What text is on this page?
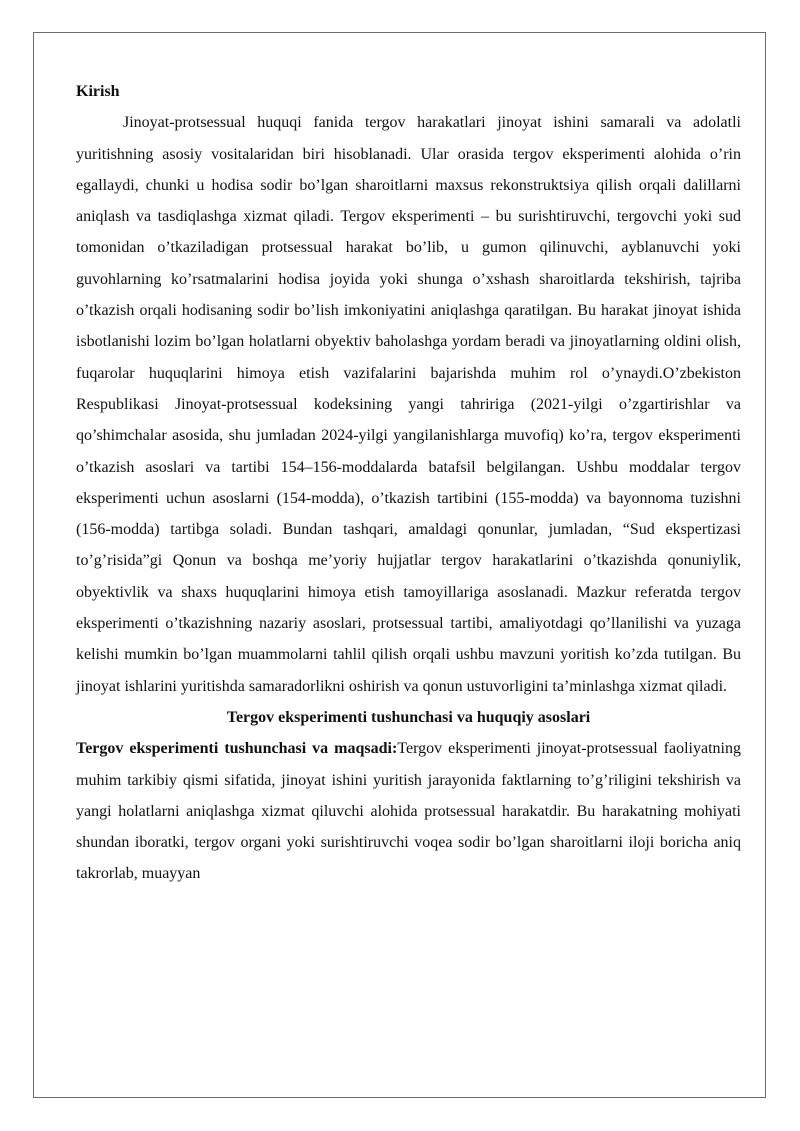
Kirish

Jinoyat-protsessual huquqi fanida tergov harakatlari jinoyat ishini samarali va adolatli yuritishning asosiy vositalaridan biri hisoblanadi. Ular orasida tergov eksperimenti alohida o’rin egallaydi, chunki u hodisa sodir bo’lgan sharoitlarni maxsus rekonstruktsiya qilish orqali dalillarni aniqlash va tasdiqlashga xizmat qiladi. Tergov eksperimenti – bu surishtiruvchi, tergovchi yoki sud tomonidan o’tkaziladigan protsessual harakat bo’lib, u gumon qilinuvchi, ayblanuvchi yoki guvohlarning ko’rsatmalarini hodisa joyida yoki shunga o’xshash sharoitlarda tekshirish, tajriba o’tkazish orqali hodisaning sodir bo’lish imkoniyatini aniqlashga qaratilgan. Bu harakat jinoyat ishida isbotlanishi lozim bo’lgan holatlarni obyektiv baholashga yordam beradi va jinoyatlarning oldini olish, fuqarolar huquqlarini himoya etish vazifalarini bajarishda muhim rol o’ynaydi.O’zbekiston Respublikasi Jinoyat-protsessual kodeksining yangi tahririga (2021-yilgi o’zgartirishlar va qo’shimchalar asosida, shu jumladan 2024-yilgi yangilanishlarga muvofiq) ko’ra, tergov eksperimenti o’tkazish asoslari va tartibi 154–156-moddalarda batafsil belgilangan. Ushbu moddalar tergov eksperimenti uchun asoslarni (154-modda), o’tkazish tartibini (155-modda) va bayonnoma tuzishni (156-modda) tartibga soladi. Bundan tashqari, amaldagi qonunlar, jumladan, “Sud ekspertizasi to’g’risida”gi Qonun va boshqa me’yoriy hujjatlar tergov harakatlarini o’tkazishda qonuniylik, obyektivlik va shaxs huquqlarini himoya etish tamoyillariga asoslanadi. Mazkur referatda tergov eksperimenti o’tkazishning nazariy asoslari, protsessual tartibi, amaliyotdagi qo’llanilishi va yuzaga kelishi mumkin bo’lgan muammolarni tahlil qilish orqali ushbu mavzuni yoritish ko’zda tutilgan. Bu jinoyat ishlarini yuritishda samaradorlikni oshirish va qonun ustuvorligini ta’minlashga xizmat qiladi.

Tergov eksperimenti tushunchasi va huquqiy asoslari

Tergov eksperimenti tushunchasi va maqsadi:Tergov eksperimenti jinoyat-protsessual faoliyatning muhim tarkibiy qismi sifatida, jinoyat ishini yuritish jarayonida faktlarning to’g’riligini tekshirish va yangi holatlarni aniqlashga xizmat qiluvchi alohida protsessual harakatdir. Bu harakatning mohiyati shundan iboratki, tergov organi yoki surishtiruvchi voqea sodir bo’lgan sharoitlarni iloji boricha aniq takrorlab, muayyan
